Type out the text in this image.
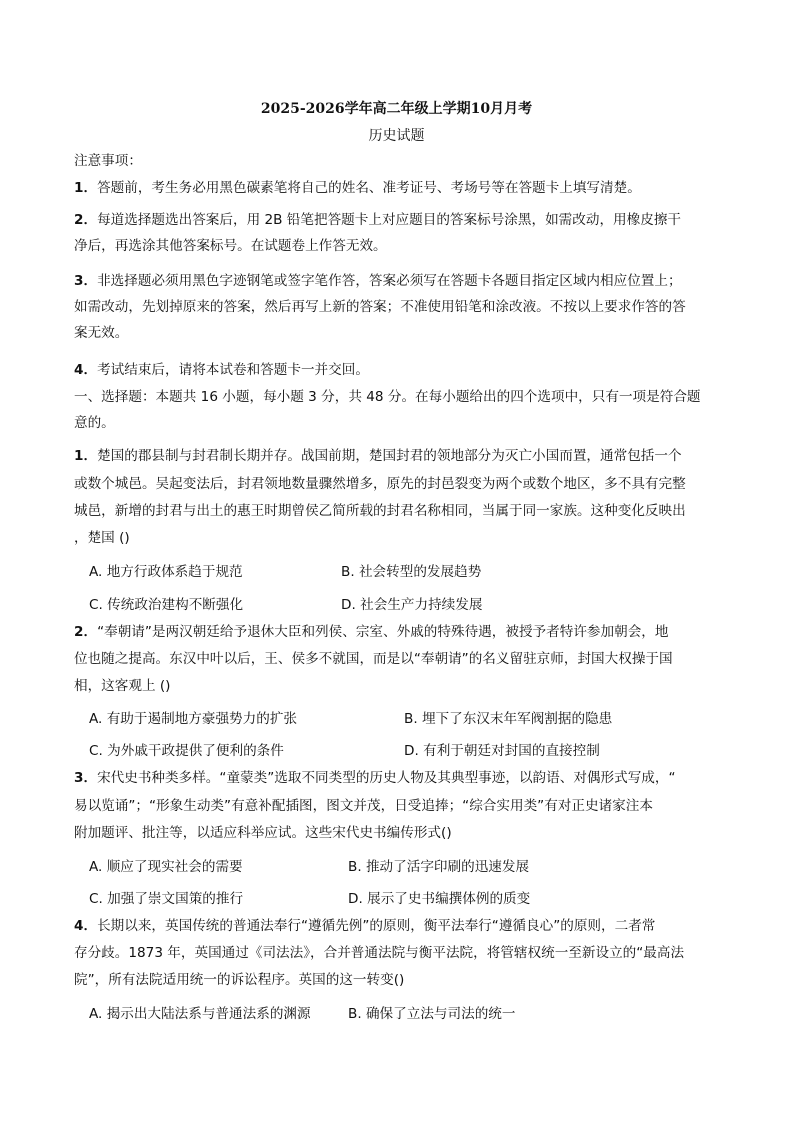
2025-2026学年高二年级上学期10月月考
历史试题
注意事项：
1．答题前，考生务必用黑色碳素笔将自己的姓名、准考证号、考场号等在答题卡上填写清楚。
2．每道选择题选出答案后，用 2B 铅笔把答题卡上对应题目的答案标号涂黑，如需改动，用橡皮擦干
净后，再选涂其他答案标号。在试题卷上作答无效。
3．非选择题必须用黑色字迹钢笔或签字笔作答，答案必须写在答题卡各题目指定区域内相应位置上；
如需改动，先划掉原来的答案，然后再写上新的答案；不准使用铅笔和涂改液。不按以上要求作答的答
案无效。
4．考试结束后，请将本试卷和答题卡一并交回。
一、选择题：本题共 16 小题，每小题 3 分，共 48 分。在每小题给出的四个选项中，只有一项是符合题
意的。
1．楚国的郡县制与封君制长期并存。战国前期，楚国封君的领地部分为灭亡小国而置，通常包括一个
或数个城邑。吴起变法后，封君领地数量骤然增多，原先的封邑裂变为两个或数个地区，多不具有完整
城邑，新增的封君与出土的惠王时期曾侯乙简所载的封君名称相同，当属于同一家族。这种变化反映出
，楚国 ()
A. 地方行政体系趋于规范	B. 社会转型的发展趋势
C. 传统政治建构不断强化	D. 社会生产力持续发展
2．“奉朝请”是两汉朝廷给予退休大臣和列侯、宗室、外戚的特殊待遇，被授予者特许参加朝会，地
位也随之提高。东汉中叶以后，王、侯多不就国，而是以“奉朝请”的名义留驻京师，封国大权操于国
相，这客观上 ()
A. 有助于遏制地方豪强势力的扩张	B. 埋下了东汉末年军阀割据的隐患
C. 为外戚干政提供了便利的条件	D. 有利于朝廷对封国的直接控制
3．宋代史书种类多样。“童蒙类”选取不同类型的历史人物及其典型事迹，以韵语、对偶形式写成，“
易以览诵”；“形象生动类”有意补配插图，图文并茂，日受追捧；“综合实用类”有对正史诸家注本
附加题评、批注等，以适应科举应试。这些宋代史书编传形式()
A. 顺应了现实社会的需要	B. 推动了活字印刷的迅速发展
C. 加强了崇文国策的推行	D. 展示了史书编撰体例的质变
4．长期以来，英国传统的普通法奉行“遵循先例”的原则，衡平法奉行“遵循良心”的原则，二者常
存分歧。1873 年，英国通过《司法法》，合并普通法院与衡平法院，将管辖权统一至新设立的“最高法
院”，所有法院适用统一的诉讼程序。英国的这一转变()
A. 揭示出大陆法系与普通法系的渊源	B. 确保了立法与司法的统一
